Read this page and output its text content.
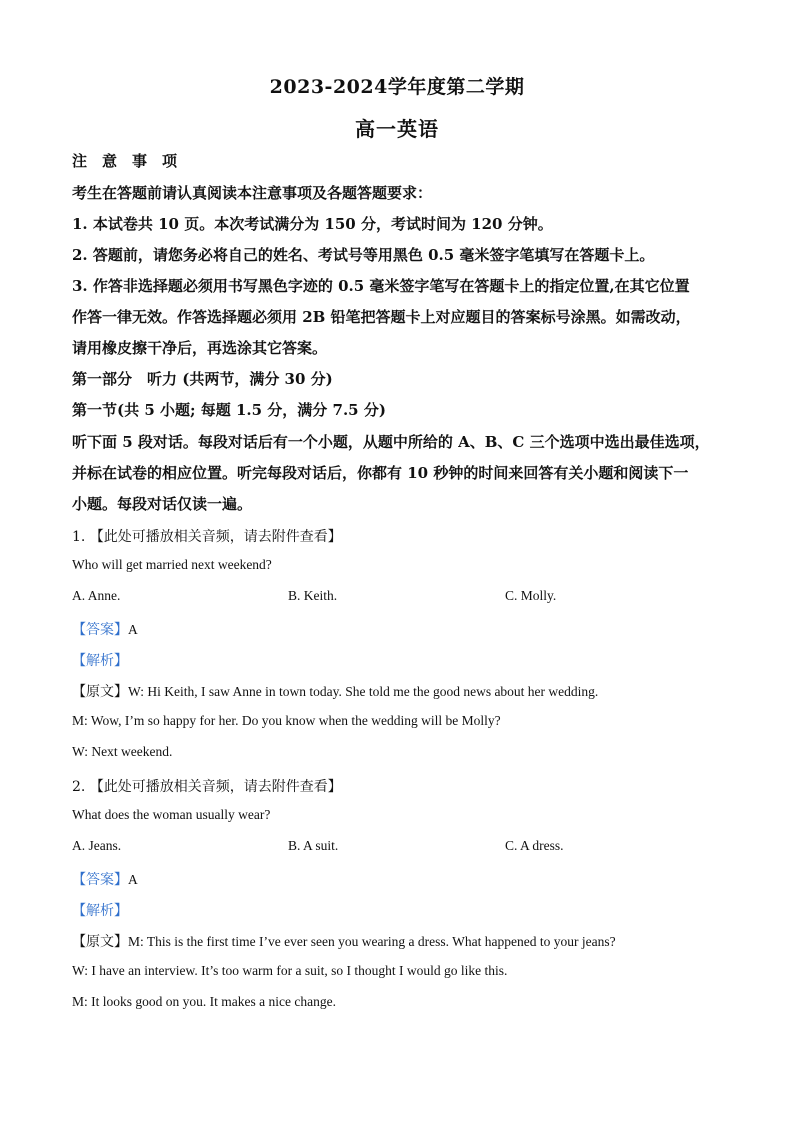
2023-2024学年度第二学期
高一英语
注　意　事　项
考生在答题前请认真阅读本注意事项及各题答题要求：
1. 本试卷共 10 页。本次考试满分为 150 分，考试时间为 120 分钟。
2. 答题前，请您务必将自己的姓名、考试号等用黑色 0.5 毫米签字笔填写在答题卡上。
3. 作答非选择题必须用书写黑色字迹的 0.5 毫米签字笔写在答题卡上的指定位置,在其它位置
作答一律无效。作答选择题必须用 2B 铅笔把答题卡上对应题目的答案标号涂黑。如需改动，
请用橡皮擦干净后，再选涂其它答案。
第一部分　听力 (共两节，满分 30 分)
第一节(共 5 小题; 每题 1.5 分，满分 7.5 分)
听下面 5 段对话。每段对话后有一个小题，从题中所给的 A、B、C 三个选项中选出最佳选项，
并标在试卷的相应位置。听完每段对话后，你都有 10 秒钟的时间来回答有关小题和阅读下一
小题。每段对话仅读一遍。
1. 【此处可播放相关音频，请去附件查看】
Who will get married next weekend?
A. Anne.	B. Keith.	C. Molly.
【答案】A
【解析】
【原文】W: Hi Keith, I saw Anne in town today. She told me the good news about her wedding.
M: Wow, I’m so happy for her. Do you know when the wedding will be Molly?
W: Next weekend.
2. 【此处可播放相关音频，请去附件查看】
What does the woman usually wear?
A. Jeans.	B. A suit.	C. A dress.
【答案】A
【解析】
【原文】M: This is the first time I’ve ever seen you wearing a dress. What happened to your jeans?
W: I have an interview. It’s too warm for a suit, so I thought I would go like this.
M: It looks good on you. It makes a nice change.
